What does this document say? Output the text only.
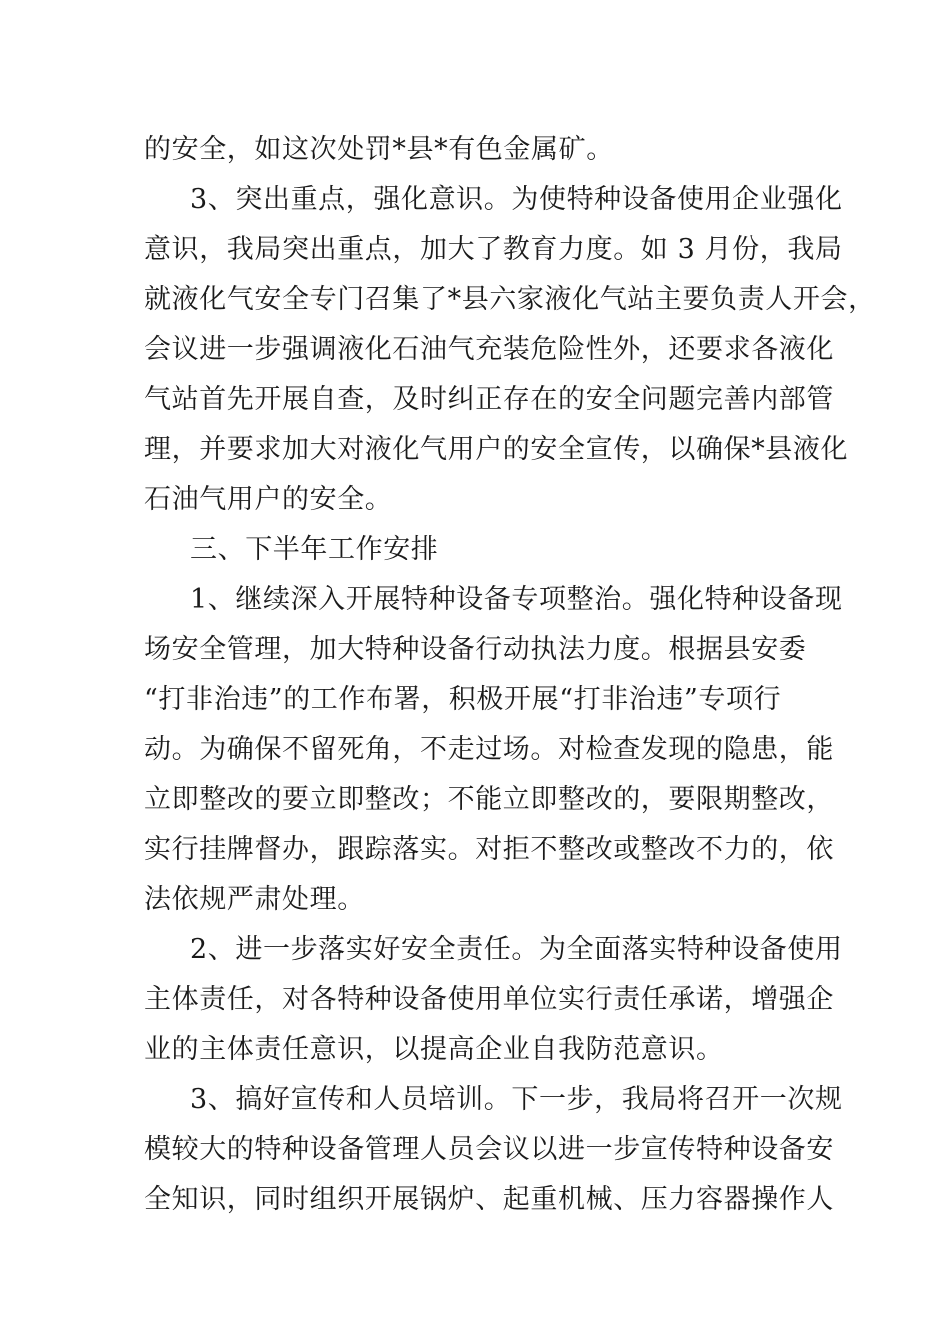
的安全，如这次处罚*县*有色金属矿。
3、突出重点，强化意识。为使特种设备使用企业强化
意识，我局突出重点，加大了教育力度。如 3 月份，我局
就液化气安全专门召集了*县六家液化气站主要负责人开会，
会议进一步强调液化石油气充装危险性外，还要求各液化
气站首先开展自查，及时纠正存在的安全问题完善内部管
理，并要求加大对液化气用户的安全宣传，以确保*县液化
石油气用户的安全。
三、下半年工作安排
1、继续深入开展特种设备专项整治。强化特种设备现
场安全管理，加大特种设备行动执法力度。根据县安委
“打非治违”的工作布署，积极开展“打非治违”专项行
动。为确保不留死角，不走过场。对检查发现的隐患，能
立即整改的要立即整改；不能立即整改的，要限期整改，
实行挂牌督办，跟踪落实。对拒不整改或整改不力的，依
法依规严肃处理。
2、进一步落实好安全责任。为全面落实特种设备使用
主体责任，对各特种设备使用单位实行责任承诺，增强企
业的主体责任意识，以提高企业自我防范意识。
3、搞好宣传和人员培训。下一步，我局将召开一次规
模较大的特种设备管理人员会议以进一步宣传特种设备安
全知识，同时组织开展锅炉、起重机械、压力容器操作人
